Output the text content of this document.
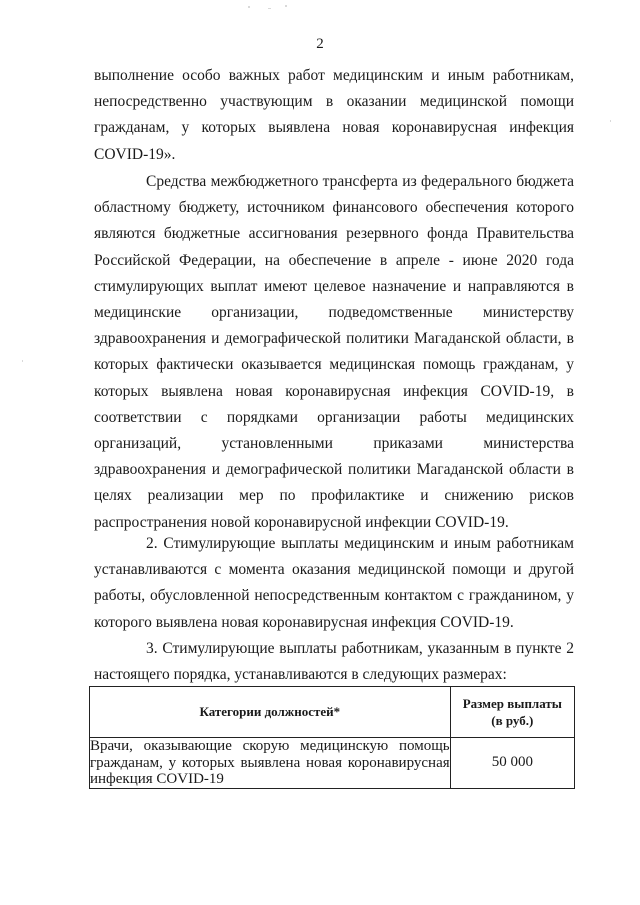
2

выполнение особо важных работ медицинским и иным работникам, непосредственно участвующим в оказании медицинской помощи гражданам, у которых выявлена новая коронавирусная инфекция COVID-19».

Средства межбюджетного трансферта из федерального бюджета областному бюджету, источником финансового обеспечения которого являются бюджетные ассигнования резервного фонда Правительства Российской Федерации, на обеспечение в апреле - июне 2020 года стимулирующих выплат имеют целевое назначение и направляются в медицинские организации, подведомственные министерству здравоохранения и демографической политики Магаданской области, в которых фактически оказывается медицинская помощь гражданам, у которых выявлена новая коронавирусная инфекция COVID-19, в соответствии с порядками организации работы медицинских организаций, установленными приказами министерства здравоохранения и демографической политики Магаданской области в целях реализации мер по профилактике и снижению рисков распространения новой коронавирусной инфекции COVID-19.

2. Стимулирующие выплаты медицинским и иным работникам устанавливаются с момента оказания медицинской помощи и другой работы, обусловленной непосредственным контактом с гражданином, у которого выявлена новая коронавирусная инфекция COVID-19.

3. Стимулирующие выплаты работникам, указанным в пункте 2 настоящего порядка, устанавливаются в следующих размерах:

Категории должностей*	Размер выплаты
(в руб.)
Врачи, оказывающие скорую медицинскую помощь гражданам, у которых выявлена новая коронавирусная инфекция COVID-19	50 000
